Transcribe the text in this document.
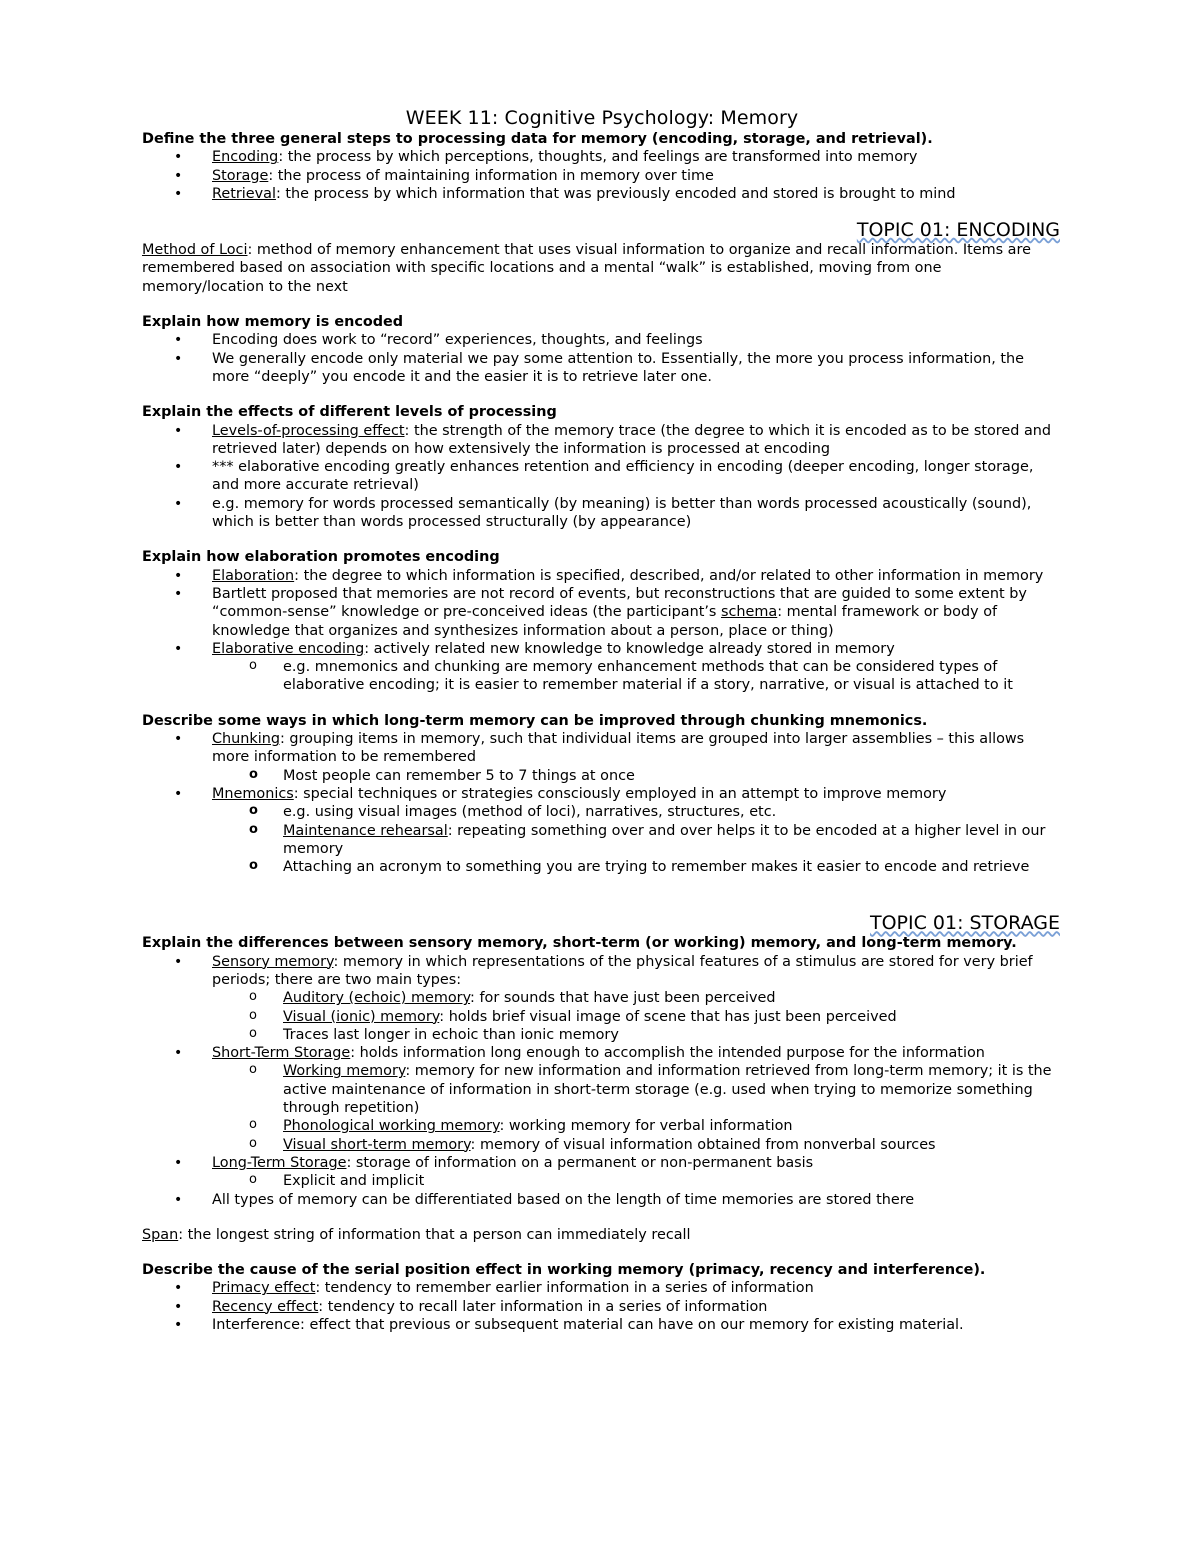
WEEK 11: Cognitive Psychology: Memory

Define the three general steps to processing data for memory (encoding, storage, and retrieval).

• Encoding: the process by which perceptions, thoughts, and feelings are transformed into memory
• Storage: the process of maintaining information in memory over time
• Retrieval: the process by which information that was previously encoded and stored is brought to mind

TOPIC 01: ENCODING

Method of Loci: method of memory enhancement that uses visual information to organize and recall information. Items are remembered based on association with specific locations and a mental “walk” is established, moving from one memory/location to the next

Explain how memory is encoded

• Encoding does work to “record” experiences, thoughts, and feelings
• We generally encode only material we pay some attention to. Essentially, the more you process information, the more “deeply” you encode it and the easier it is to retrieve later one.

Explain the effects of different levels of processing

• Levels-of-processing effect: the strength of the memory trace (the degree to which it is encoded as to be stored and retrieved later) depends on how extensively the information is processed at encoding
• *** elaborative encoding greatly enhances retention and efficiency in encoding (deeper encoding, longer storage, and more accurate retrieval)
• e.g. memory for words processed semantically (by meaning) is better than words processed acoustically (sound), which is better than words processed structurally (by appearance)

Explain how elaboration promotes encoding

• Elaboration: the degree to which information is specified, described, and/or related to other information in memory
• Bartlett proposed that memories are not record of events, but reconstructions that are guided to some extent by “common-sense” knowledge or pre-conceived ideas (the participant’s schema: mental framework or body of knowledge that organizes and synthesizes information about a person, place or thing)
• Elaborative encoding: actively related new knowledge to knowledge already stored in memory
o e.g. mnemonics and chunking are memory enhancement methods that can be considered types of elaborative encoding; it is easier to remember material if a story, narrative, or visual is attached to it

Describe some ways in which long-term memory can be improved through chunking mnemonics.

• Chunking: grouping items in memory, such that individual items are grouped into larger assemblies – this allows more information to be remembered
o Most people can remember 5 to 7 things at once
• Mnemonics: special techniques or strategies consciously employed in an attempt to improve memory
o e.g. using visual images (method of loci), narratives, structures, etc.
o Maintenance rehearsal: repeating something over and over helps it to be encoded at a higher level in our memory
o Attaching an acronym to something you are trying to remember makes it easier to encode and retrieve

TOPIC 01: STORAGE

Explain the differences between sensory memory, short-term (or working) memory, and long-term memory.

• Sensory memory: memory in which representations of the physical features of a stimulus are stored for very brief periods; there are two main types:
o Auditory (echoic) memory: for sounds that have just been perceived
o Visual (ionic) memory: holds brief visual image of scene that has just been perceived
o Traces last longer in echoic than ionic memory
• Short-Term Storage: holds information long enough to accomplish the intended purpose for the information
o Working memory: memory for new information and information retrieved from long-term memory; it is the active maintenance of information in short-term storage (e.g. used when trying to memorize something through repetition)
o Phonological working memory: working memory for verbal information
o Visual short-term memory: memory of visual information obtained from nonverbal sources
• Long-Term Storage: storage of information on a permanent or non-permanent basis
o Explicit and implicit
• All types of memory can be differentiated based on the length of time memories are stored there

Span: the longest string of information that a person can immediately recall

Describe the cause of the serial position effect in working memory (primacy, recency and interference).

• Primacy effect: tendency to remember earlier information in a series of information
• Recency effect: tendency to recall later information in a series of information
• Interference: effect that previous or subsequent material can have on our memory for existing material.
